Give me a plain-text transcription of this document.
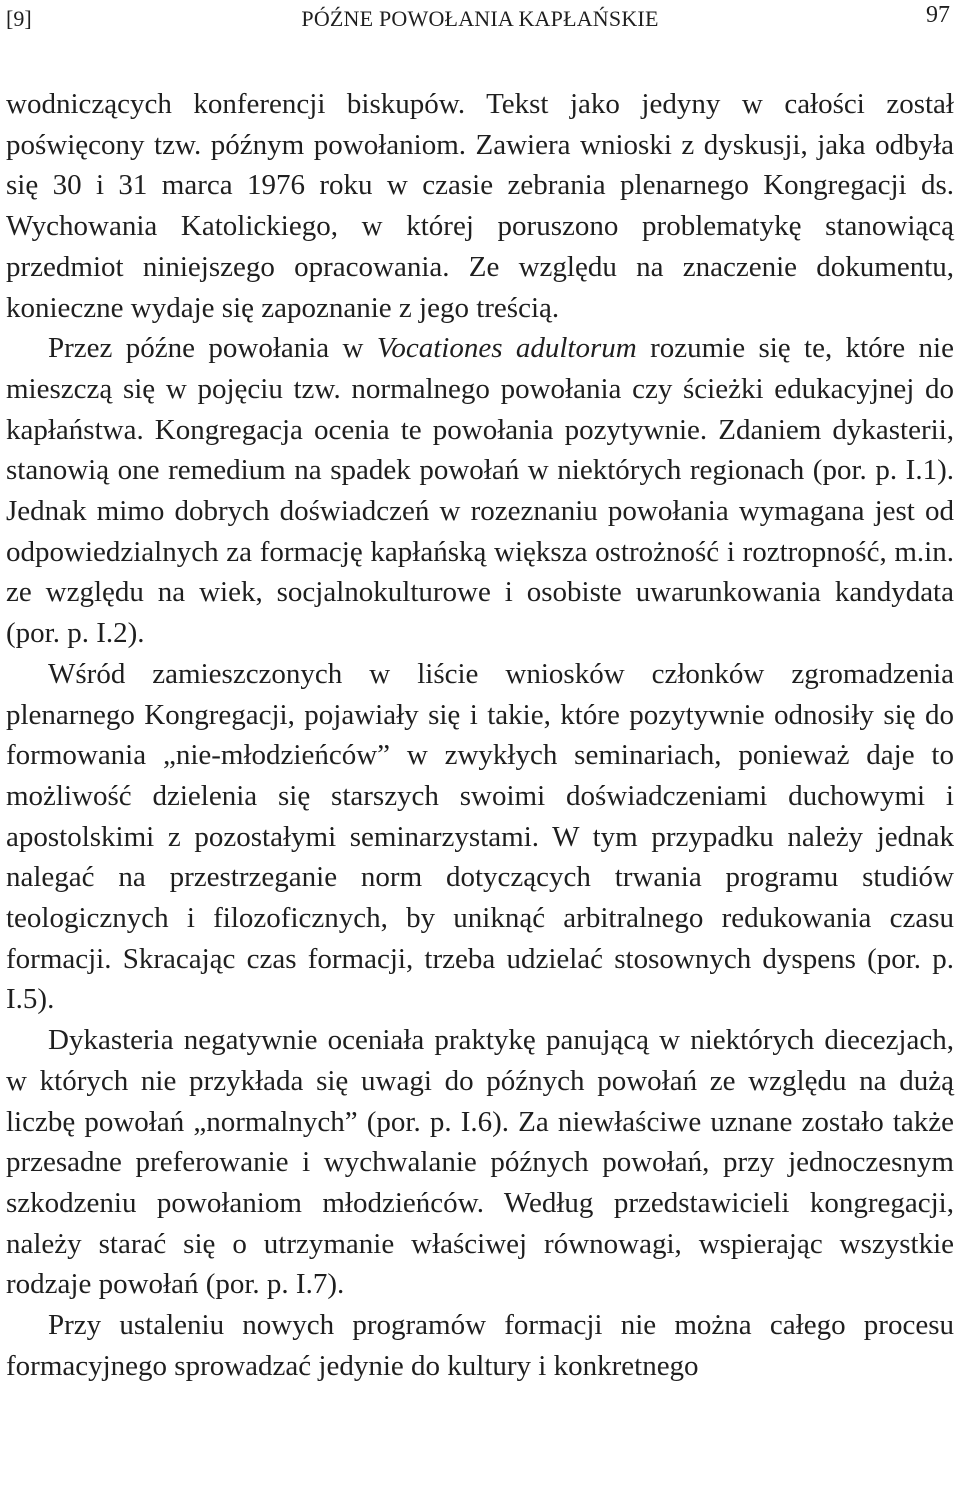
[9]	PÓŹNE POWOŁANIA KAPŁAŃSKIE	97

wodniczących konferencji biskupów. Tekst jako jedyny w całości został poświęcony tzw. późnym powołaniom. Zawiera wnioski z dyskusji, jaka odbyła się 30 i 31 marca 1976 roku w czasie zebrania plenarnego Kongregacji ds. Wychowania Katolickiego, w której poruszono problematykę stanowiącą przedmiot niniejszego opracowania. Ze względu na znaczenie dokumentu, konieczne wydaje się zapoznanie z jego treścią.

Przez późne powołania w Vocationes adultorum rozumie się te, które nie mieszczą się w pojęciu tzw. normalnego powołania czy ścieżki edukacyjnej do kapłaństwa. Kongregacja ocenia te powołania pozytywnie. Zdaniem dykasterii, stanowią one remedium na spadek powołań w niektórych regionach (por. p. I.1). Jednak mimo dobrych doświadczeń w rozeznaniu powołania wymagana jest od odpowiedzialnych za formację kapłańską większa ostrożność i roztropność, m.in. ze względu na wiek, socjalnokulturowe i osobiste uwarunkowania kandydata (por. p. I.2).

Wśród zamieszczonych w liście wniosków członków zgromadzenia plenarnego Kongregacji, pojawiały się i takie, które pozytywnie odnosiły się do formowania „nie-młodzieńców” w zwykłych seminariach, ponieważ daje to możliwość dzielenia się starszych swoimi doświadczeniami duchowymi i apostolskimi z pozostałymi seminarzystami. W tym przypadku należy jednak nalegać na przestrzeganie norm dotyczących trwania programu studiów teologicznych i filozoficznych, by uniknąć arbitralnego redukowania czasu formacji. Skracając czas formacji, trzeba udzielać stosownych dyspens (por. p. I.5).

Dykasteria negatywnie oceniała praktykę panującą w niektórych diecezjach, w których nie przykłada się uwagi do późnych powołań ze względu na dużą liczbę powołań „normalnych” (por. p. I.6). Za niewłaściwe uznane zostało także przesadne preferowanie i wychwalanie późnych powołań, przy jednoczesnym szkodzeniu powołaniom młodzieńców. Według przedstawicieli kongregacji, należy starać się o utrzymanie właściwej równowagi, wspierając wszystkie rodzaje powołań (por. p. I.7).

Przy ustaleniu nowych programów formacji nie można całego procesu formacyjnego sprowadzać jedynie do kultury i konkretnego
